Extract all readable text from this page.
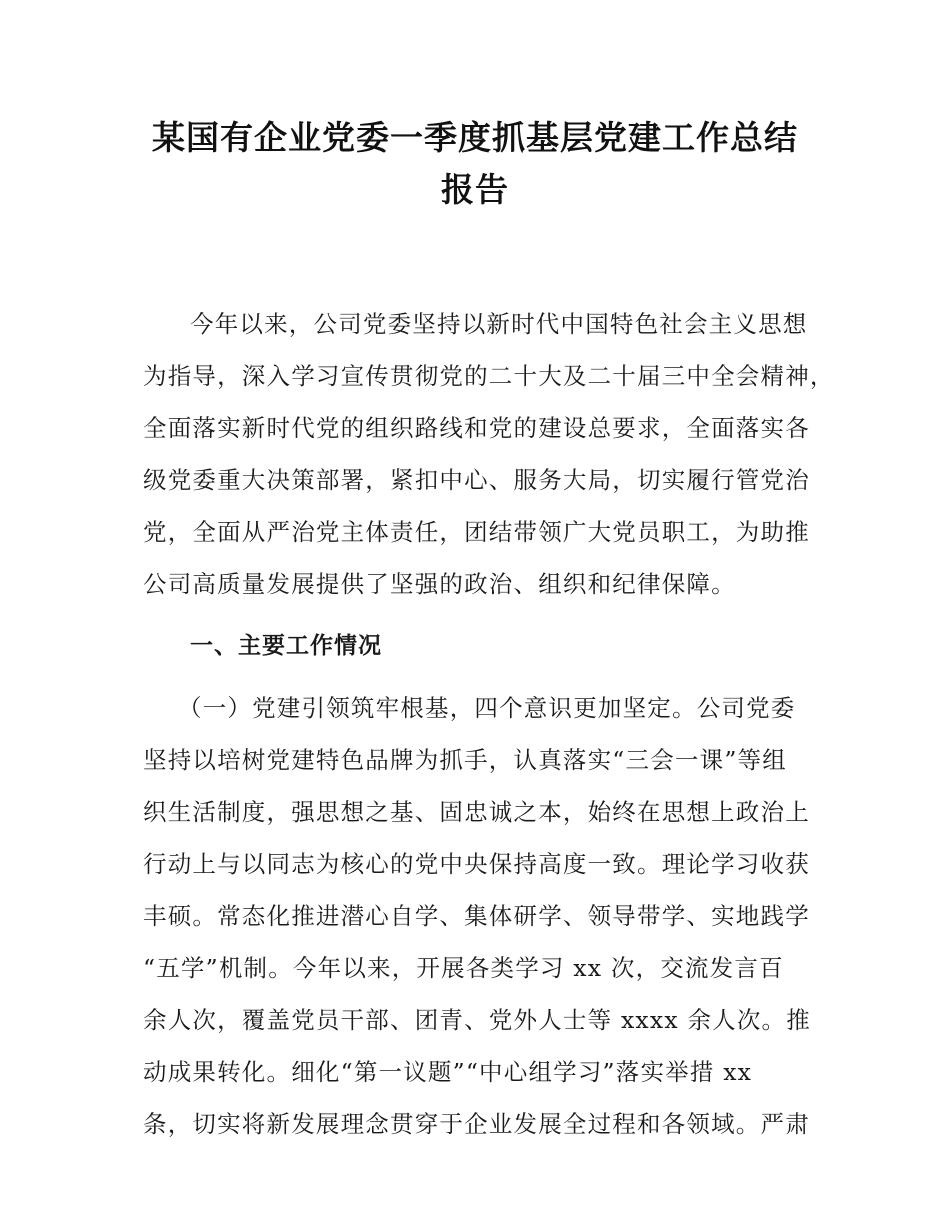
某国有企业党委一季度抓基层党建工作总结
报告
今年以来，公司党委坚持以新时代中国特色社会主义思想
为指导，深入学习宣传贯彻党的二十大及二十届三中全会精神，
全面落实新时代党的组织路线和党的建设总要求，全面落实各
级党委重大决策部署，紧扣中心、服务大局，切实履行管党治
党，全面从严治党主体责任，团结带领广大党员职工，为助推
公司高质量发展提供了坚强的政治、组织和纪律保障。
一、主要工作情况
（一）党建引领筑牢根基，四个意识更加坚定。公司党委
坚持以培树党建特色品牌为抓手，认真落实“三会一课”等组
织生活制度，强思想之基、固忠诚之本，始终在思想上政治上
行动上与以同志为核心的党中央保持高度一致。理论学习收获
丰硕。常态化推进潜心自学、集体研学、领导带学、实地践学
“五学”机制。今年以来，开展各类学习 xx 次，交流发言百
余人次，覆盖党员干部、团青、党外人士等 xxxx 余人次。推
动成果转化。细化“第一议题”“中心组学习”落实举措 xx
条，切实将新发展理念贯穿于企业发展全过程和各领域。严肃
